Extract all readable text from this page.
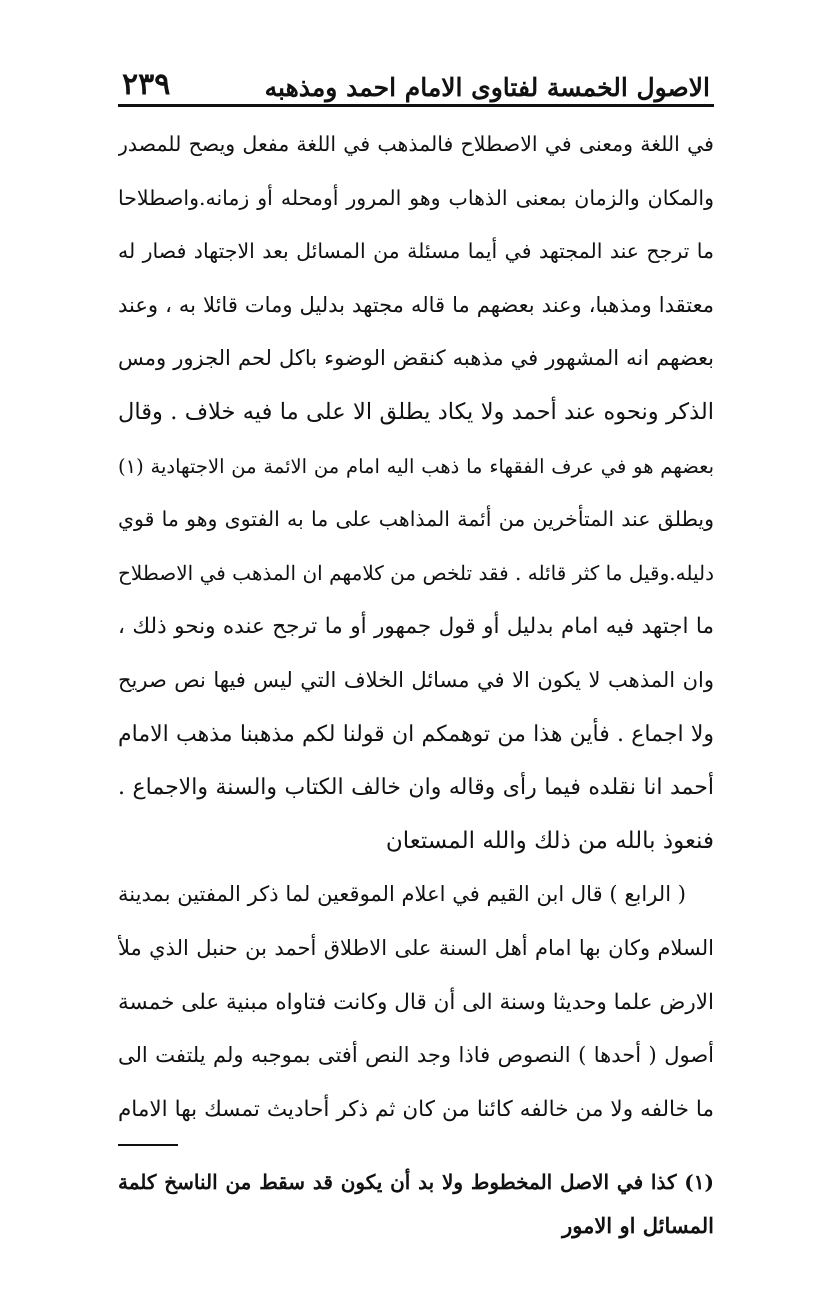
الاصول الخمسة لفتاوى الامام احمد ومذهبه
٢٣٩
في اللغة ومعنى في الاصطلاح فالمذهب في اللغة مفعل ويصح للمصدر
والمكان والزمان بمعنى الذهاب وهو المرور أومحله أو زمانه.واصطلاحا
ما ترجح عند المجتهد في أيما مسئلة من المسائل بعد الاجتهاد فصار له
معتقدا ومذهبا، وعند بعضهم ما قاله مجتهد بدليل ومات قائلا به ، وعند
بعضهم انه المشهور في مذهبه كنقض الوضوء باكل لحم الجزور ومس
الذكر ونحوه عند أحمد ولا يكاد يطلق الا على ما فيه خلاف . وقال
بعضهم هو في عرف الفقهاء ما ذهب اليه امام من الائمة من الاجتهادية (١)
ويطلق عند المتأخرين من أئمة المذاهب على ما به الفتوى وهو ما قوي
دليله.وقيل ما كثر قائله . فقد تلخص من كلامهم ان المذهب في الاصطلاح
ما اجتهد فيه امام بدليل أو قول جمهور أو ما ترجح عنده ونحو ذلك ،
وان المذهب لا يكون الا في مسائل الخلاف التي ليس فيها نص صريح
ولا اجماع . فأين هذا من توهمكم ان قولنا لكم مذهبنا مذهب الامام
أحمد انا نقلده فيما رأى وقاله وان خالف الكتاب والسنة والاجماع .
فنعوذ بالله من ذلك والله المستعان
( الرابع ) قال ابن القيم في اعلام الموقعين لما ذكر المفتين بمدينة
السلام وكان بها امام أهل السنة على الاطلاق أحمد بن حنبل الذي ملأ
الارض علما وحديثا وسنة الى أن قال وكانت فتاواه مبنية على خمسة
أصول ( أحدها ) النصوص فاذا وجد النص أفتى بموجبه ولم يلتفت الى
ما خالفه ولا من خالفه كائنا من كان ثم ذكر أحاديث تمسك بها الامام
(١) كذا في الاصل المخطوط ولا بد أن يكون قد سقط من الناسخ كلمة
المسائل او الامور
